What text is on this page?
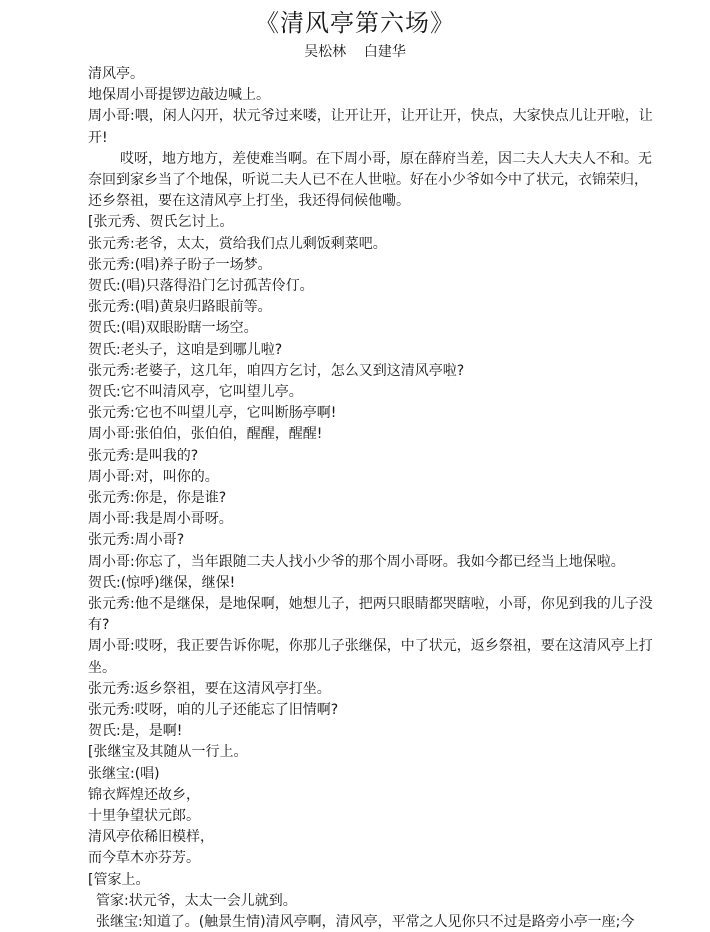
《清风亭第六场》
吴松林    白建华
清风亭。
地保周小哥提锣边敲边喊上。
周小哥:喂，闲人闪开，状元爷过来喽，让开让开，让开让开，快点，大家快点儿让开啦，让
开!
哎呀，地方地方，差使难当啊。在下周小哥，原在薛府当差，因二夫人大夫人不和。无
奈回到家乡当了个地保，听说二夫人已不在人世啦。好在小少爷如今中了状元，衣锦荣归，
还乡祭祖，要在这清风亭上打坐，我还得伺候他嘞。
[张元秀、贺氏乞讨上。
张元秀:老爷，太太，赏给我们点儿剩饭剩菜吧。
张元秀:(唱)养子盼子一场梦。
贺氏:(唱)只落得沿门乞讨孤苦伶仃。
张元秀:(唱)黄泉归路眼前等。
贺氏:(唱)双眼盼瞎一场空。
贺氏:老头子，这咱是到哪儿啦?
张元秀:老婆子，这几年，咱四方乞讨，怎么又到这清风亭啦?
贺氏:它不叫清风亭，它叫望儿亭。
张元秀:它也不叫望儿亭，它叫断肠亭啊!
周小哥:张伯伯，张伯伯，醒醒，醒醒!
张元秀:是叫我的?
周小哥:对，叫你的。
张元秀:你是，你是谁?
周小哥:我是周小哥呀。
张元秀:周小哥?
周小哥:你忘了，当年跟随二夫人找小少爷的那个周小哥呀。我如今都已经当上地保啦。
贺氏:(惊呼)继保，继保!
张元秀:他不是继保，是地保啊，她想儿子，把两只眼睛都哭瞎啦，小哥，你见到我的儿子没
有?
周小哥:哎呀，我正要告诉你呢，你那儿子张继保，中了状元，返乡祭祖，要在这清风亭上打
坐。
张元秀:返乡祭祖，要在这清风亭打坐。
张元秀:哎呀，咱的儿子还能忘了旧情啊?
贺氏:是，是啊!
[张继宝及其随从一行上。
张继宝:(唱)
锦衣辉煌还故乡，
十里争望状元郎。
清风亭依稀旧模样，
而今草木亦芬芳。
[管家上。
管家:状元爷，太太一会儿就到。
张继宝:知道了。(触景生情)清风亭啊，清风亭，平常之人见你只不过是路旁小亭一座;今
